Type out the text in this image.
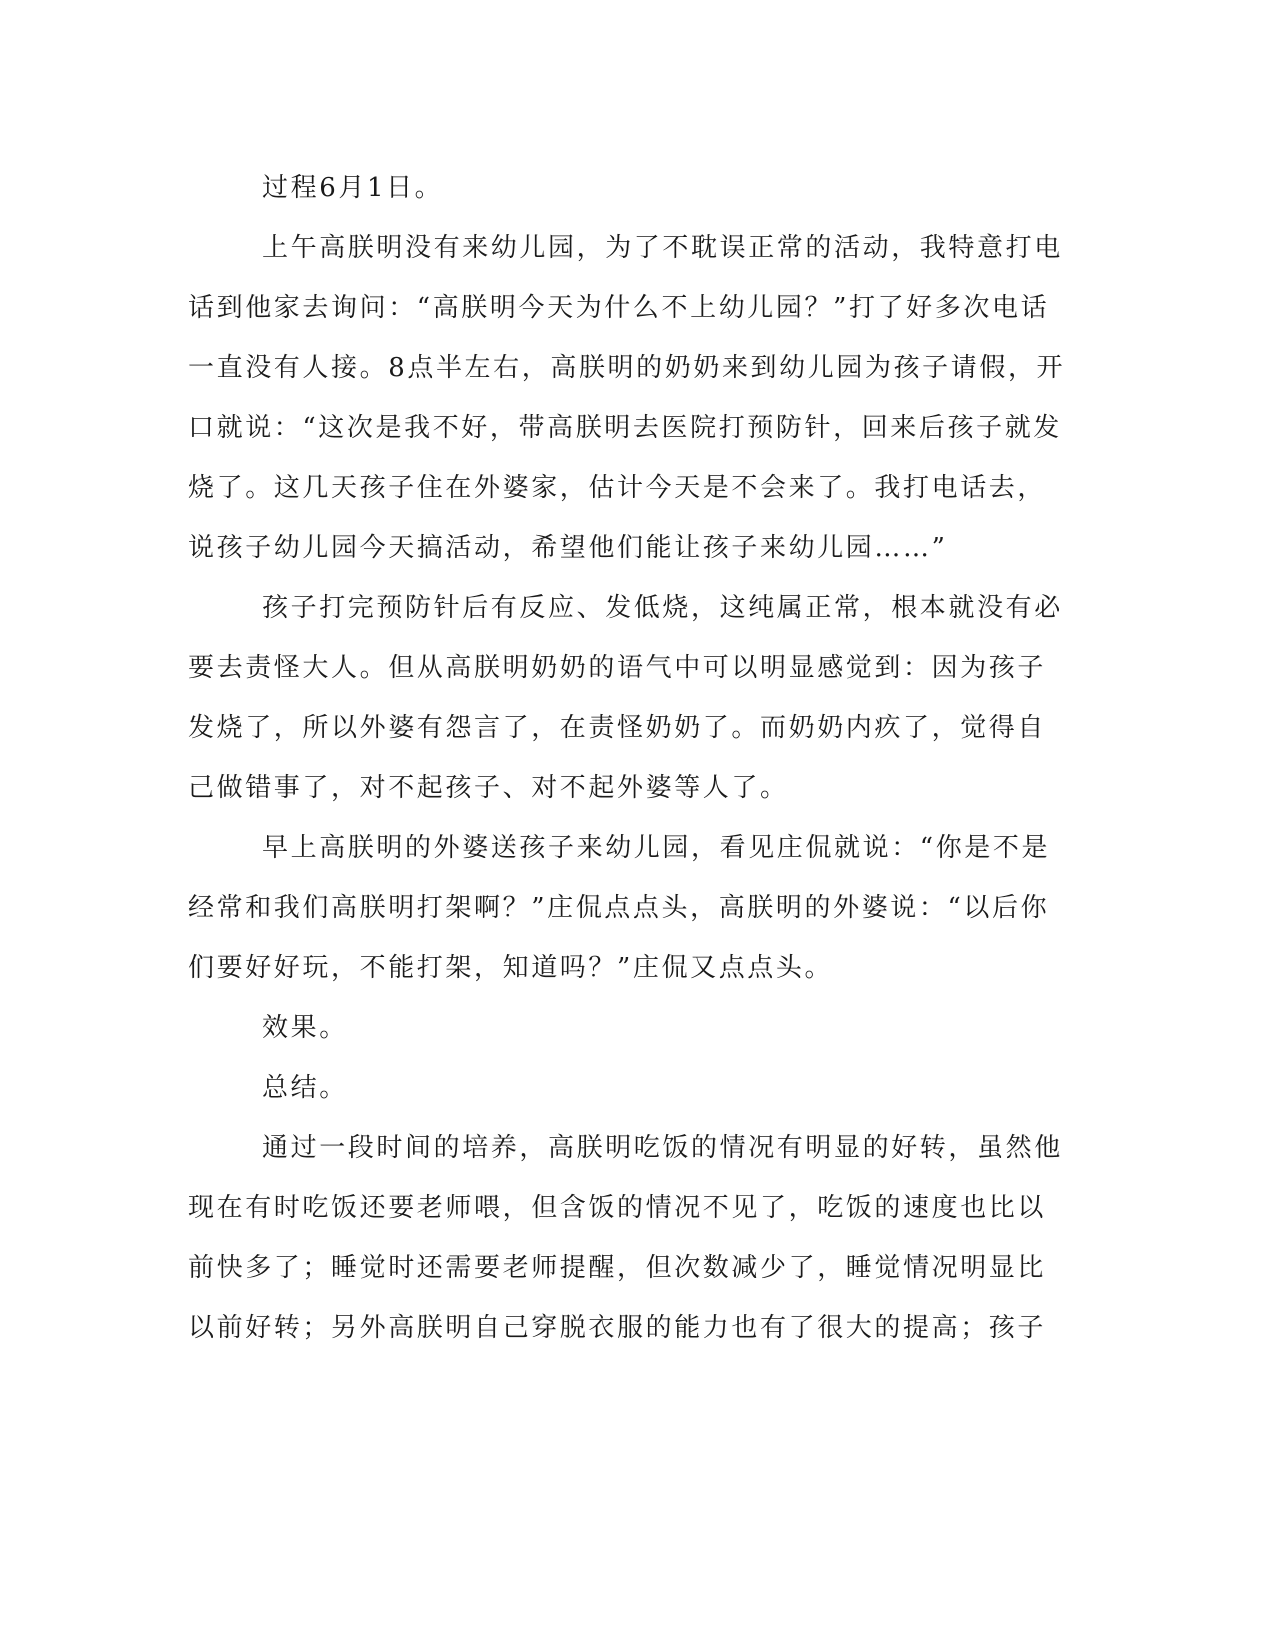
过程6月1日。
上午高朕明没有来幼儿园，为了不耽误正常的活动，我特意打电
话到他家去询问：“高朕明今天为什么不上幼儿园？”打了好多次电话
一直没有人接。8点半左右，高朕明的奶奶来到幼儿园为孩子请假，开
口就说：“这次是我不好，带高朕明去医院打预防针，回来后孩子就发
烧了。这几天孩子住在外婆家，估计今天是不会来了。我打电话去，
说孩子幼儿园今天搞活动，希望他们能让孩子来幼儿园……”
孩子打完预防针后有反应、发低烧，这纯属正常，根本就没有必
要去责怪大人。但从高朕明奶奶的语气中可以明显感觉到：因为孩子
发烧了，所以外婆有怨言了，在责怪奶奶了。而奶奶内疚了，觉得自
己做错事了，对不起孩子、对不起外婆等人了。
早上高朕明的外婆送孩子来幼儿园，看见庄侃就说：“你是不是
经常和我们高朕明打架啊？”庄侃点点头，高朕明的外婆说：“以后你
们要好好玩，不能打架，知道吗？”庄侃又点点头。
效果。
总结。
通过一段时间的培养，高朕明吃饭的情况有明显的好转，虽然他
现在有时吃饭还要老师喂，但含饭的情况不见了，吃饭的速度也比以
前快多了；睡觉时还需要老师提醒，但次数减少了，睡觉情况明显比
以前好转；另外高朕明自己穿脱衣服的能力也有了很大的提高；孩子
